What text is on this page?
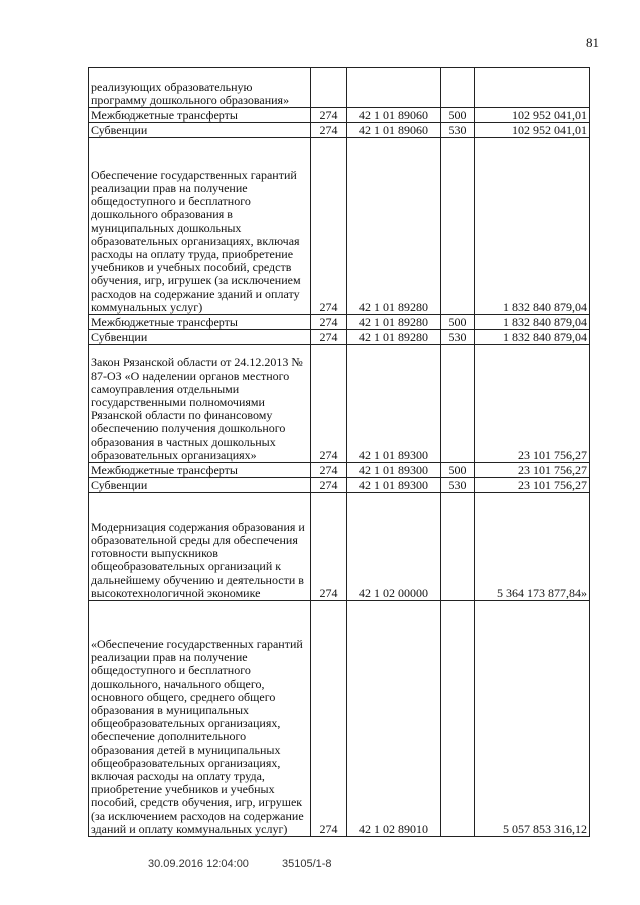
81
реализующих образовательную программу дошкольного образования»				
Межбюджетные трансферты	274	42 1 01 89060	500	102 952 041,01
Субвенции	274	42 1 01 89060	530	102 952 041,01
Обеспечение государственных гарантий реализации прав на получение общедоступного и бесплатного дошкольного образования в муниципальных дошкольных образовательных организациях, включая расходы на оплату труда, приобретение учебников и учебных пособий, средств обучения, игр, игрушек (за исключением расходов на содержание зданий и оплату коммунальных услуг)	274	42 1 01 89280		1 832 840 879,04
Межбюджетные трансферты	274	42 1 01 89280	500	1 832 840 879,04
Субвенции	274	42 1 01 89280	530	1 832 840 879,04
Закон Рязанской области от 24.12.2013 № 87-ОЗ «О наделении органов местного самоуправления отдельными государственными полномочиями Рязанской области по финансовому обеспечению получения дошкольного образования в частных дошкольных образовательных организациях»	274	42 1 01 89300		23 101 756,27
Межбюджетные трансферты	274	42 1 01 89300	500	23 101 756,27
Субвенции	274	42 1 01 89300	530	23 101 756,27
Модернизация содержания образования и образовательной среды для обеспечения готовности выпускников общеобразовательных организаций к дальнейшему обучению и деятельности в высокотехнологичной экономике	274	42 1 02 00000		5 364 173 877,84»
«Обеспечение государственных гарантий реализации прав на получение общедоступного и бесплатного дошкольного, начального общего, основного общего, среднего общего образования в муниципальных общеобразовательных организациях, обеспечение дополнительного образования детей в муниципальных общеобразовательных организациях, включая расходы на оплату труда, приобретение учебников и учебных пособий, средств обучения, игр, игрушек (за исключением расходов на содержание зданий и оплату коммунальных услуг)	274	42 1 02 89010		5 057 853 316,12
30.09.2016 12:04:00	35105/1-8
